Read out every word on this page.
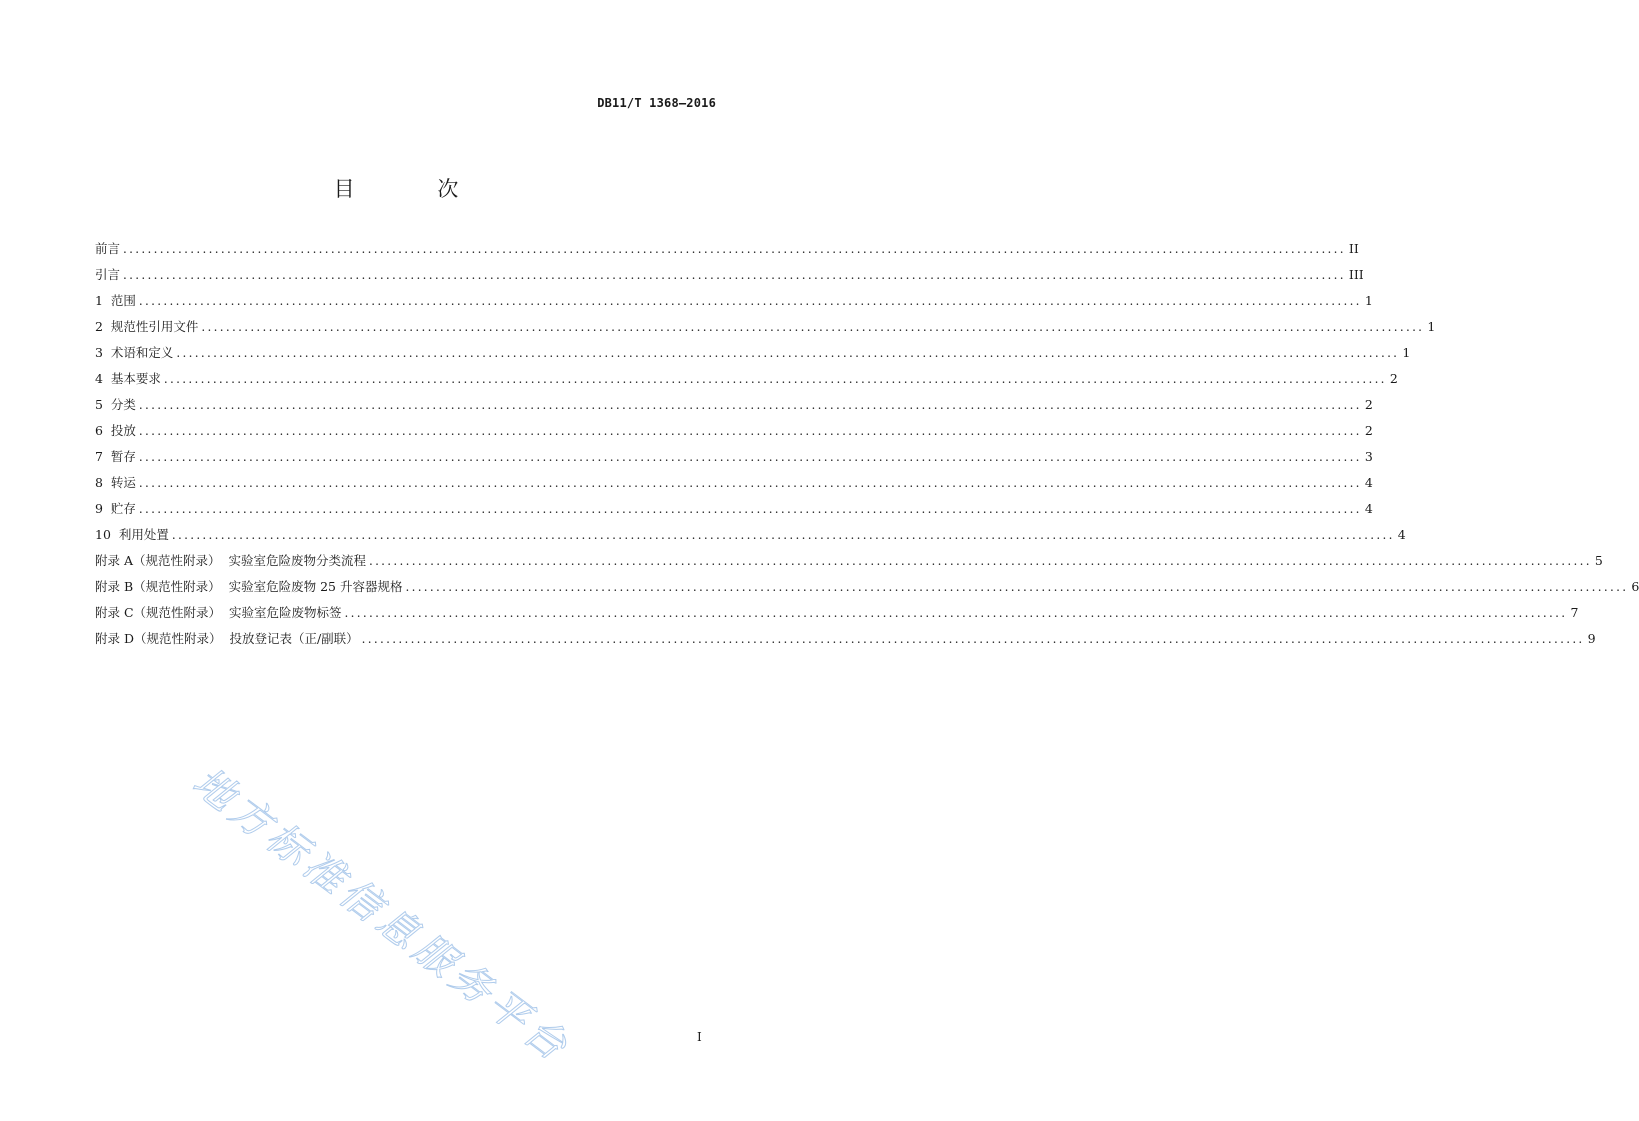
DB11/T 1368—2016
目 次
前言 ........................................................................................................................................................................................................ II
引言 ........................................................................................................................................................................................................ III
1  范围 ........................................................................................................................................................................................................ 1
2  规范性引用文件 ........................................................................................................................................................................................................ 1
3  术语和定义 ........................................................................................................................................................................................................ 1
4  基本要求 ........................................................................................................................................................................................................ 2
5  分类 ........................................................................................................................................................................................................ 2
6  投放 ........................................................................................................................................................................................................ 2
7  暂存 ........................................................................................................................................................................................................ 3
8  转运 ........................................................................................................................................................................................................ 4
9  贮存 ........................................................................................................................................................................................................ 4
10  利用处置 ........................................................................................................................................................................................................ 4
附录 A（规范性附录）  实验室危险废物分类流程 ........................................................................................................................................................................................................ 5
附录 B（规范性附录）  实验室危险废物 25 升容器规格 ........................................................................................................................................................................................................ 6
附录 C（规范性附录）  实验室危险废物标签 ........................................................................................................................................................................................................ 7
附录 D（规范性附录）  投放登记表（正/副联） ........................................................................................................................................................................................................ 9
I
地方标准信息服务平台
